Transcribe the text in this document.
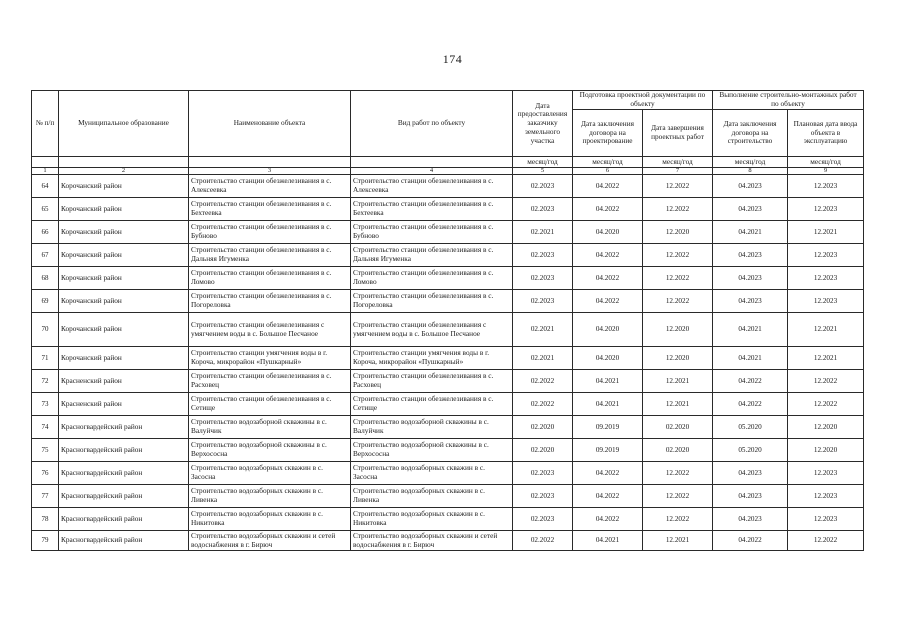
174
№ п/п	Муниципальное образование	Наименование объекта	Вид работ по объекту	Дата предоставления заказчику земельного участка	Подготовка проектной документации по объекту		Выполнение строительно-монтажных работ по объекту	
					Дата заключения договора на проектирование	Дата завершения проектных работ	Дата заключения договора на строительство	Плановая дата ввода объекта в эксплуатацию
				месяц/год	месяц/год	месяц/год	месяц/год	месяц/год
1	2	3	4	5	6	7	8	9
64	Корочанский район	Строительство станции обезжелезивания в с. Алексеевка	Строительство станции обезжелезивания в с. Алексеевка	02.2023	04.2022	12.2022	04.2023	12.2023
65	Корочанский район	Строительство станции обезжелезивания в с. Бехтеевка	Строительство станции обезжелезивания в с. Бехтеевка	02.2023	04.2022	12.2022	04.2023	12.2023
66	Корочанский район	Строительство станции обезжелезивания в с. Бубново	Строительство станции обезжелезивания в с. Бубново	02.2021	04.2020	12.2020	04.2021	12.2021
67	Корочанский район	Строительство станции обезжелезивания в с. Дальняя Игуменка	Строительство станции обезжелезивания в с. Дальняя Игуменка	02.2023	04.2022	12.2022	04.2023	12.2023
68	Корочанский район	Строительство станции обезжелезивания в с. Ломово	Строительство станции обезжелезивания в с. Ломово	02.2023	04.2022	12.2022	04.2023	12.2023
69	Корочанский район	Строительство станции обезжелезивания в с. Погореловка	Строительство станции обезжелезивания в с. Погореловка	02.2023	04.2022	12.2022	04.2023	12.2023
70	Корочанский район	Строительство станции обезжелезивания с умягчением воды в с. Большое Песчаное	Строительство станции обезжелезивания с умягчением воды в с. Большое Песчаное	02.2021	04.2020	12.2020	04.2021	12.2021
71	Корочанский район	Строительство станции умягчения воды в г. Короча, микрорайон «Пушкарный»	Строительство станции умягчения воды в г. Короча, микрорайон «Пушкарный»	02.2021	04.2020	12.2020	04.2021	12.2021
72	Красненский район	Строительство станции обезжелезивания в с. Расховец	Строительство станции обезжелезивания в с. Расховец	02.2022	04.2021	12.2021	04.2022	12.2022
73	Красненский район	Строительство станции обезжелезивания в с. Сетище	Строительство станции обезжелезивания в с. Сетище	02.2022	04.2021	12.2021	04.2022	12.2022
74	Красногвардейский район	Строительство водозаборной скважины в с. Валуйчик	Строительство водозаборной скважины в с. Валуйчик	02.2020	09.2019	02.2020	05.2020	12.2020
75	Красногвардейский район	Строительство водозаборной скважины в с. Верхососна	Строительство водозаборной скважины в с. Верхососна	02.2020	09.2019	02.2020	05.2020	12.2020
76	Красногвардейский район	Строительство водозаборных скважин в с. Засосна	Строительство водозаборных скважин в с. Засосна	02.2023	04.2022	12.2022	04.2023	12.2023
77	Красногвардейский район	Строительство водозаборных скважин в с. Ливенка	Строительство водозаборных скважин в с. Ливенка	02.2023	04.2022	12.2022	04.2023	12.2023
78	Красногвардейский район	Строительство водозаборных скважин в с. Никитовка	Строительство водозаборных скважин в с. Никитовка	02.2023	04.2022	12.2022	04.2023	12.2023
79	Красногвардейский район	Строительство водозаборных скважин и сетей водоснабжения в г. Бирюч	Строительство водозаборных скважин и сетей водоснабжения в г. Бирюч	02.2022	04.2021	12.2021	04.2022	12.2022
